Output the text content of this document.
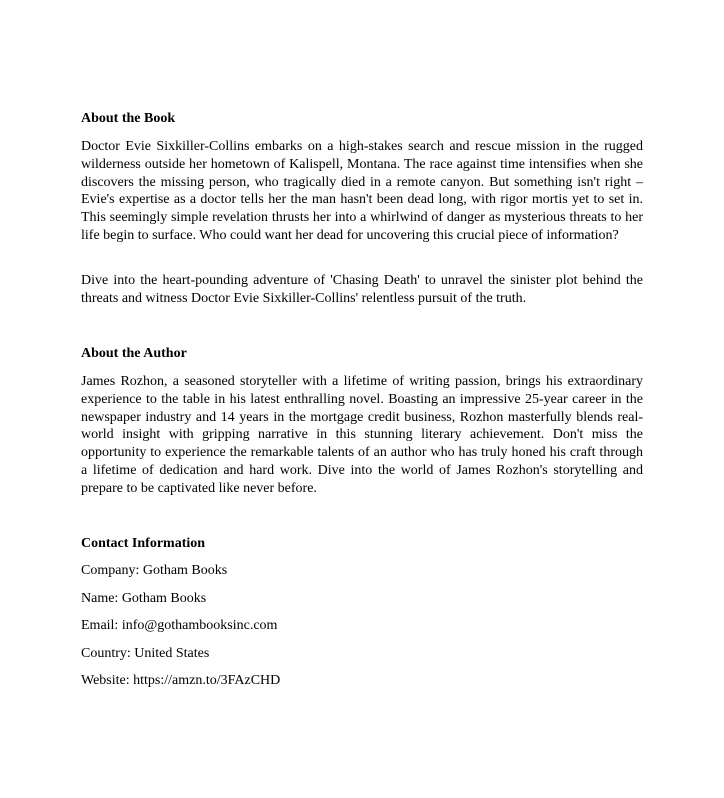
About the Book

Doctor Evie Sixkiller-Collins embarks on a high-stakes search and rescue mission in the rugged wilderness outside her hometown of Kalispell, Montana. The race against time intensifies when she discovers the missing person, who tragically died in a remote canyon. But something isn't right – Evie's expertise as a doctor tells her the man hasn't been dead long, with rigor mortis yet to set in. This seemingly simple revelation thrusts her into a whirlwind of danger as mysterious threats to her life begin to surface. Who could want her dead for uncovering this crucial piece of information?

Dive into the heart-pounding adventure of 'Chasing Death' to unravel the sinister plot behind the threats and witness Doctor Evie Sixkiller-Collins' relentless pursuit of the truth.

About the Author

James Rozhon, a seasoned storyteller with a lifetime of writing passion, brings his extraordinary experience to the table in his latest enthralling novel. Boasting an impressive 25-year career in the newspaper industry and 14 years in the mortgage credit business, Rozhon masterfully blends real-world insight with gripping narrative in this stunning literary achievement. Don't miss the opportunity to experience the remarkable talents of an author who has truly honed his craft through a lifetime of dedication and hard work. Dive into the world of James Rozhon's storytelling and prepare to be captivated like never before.

Contact Information

Company: Gotham Books

Name: Gotham Books

Email: info@gothambooksinc.com

Country: United States

Website: https://amzn.to/3FAzCHD
